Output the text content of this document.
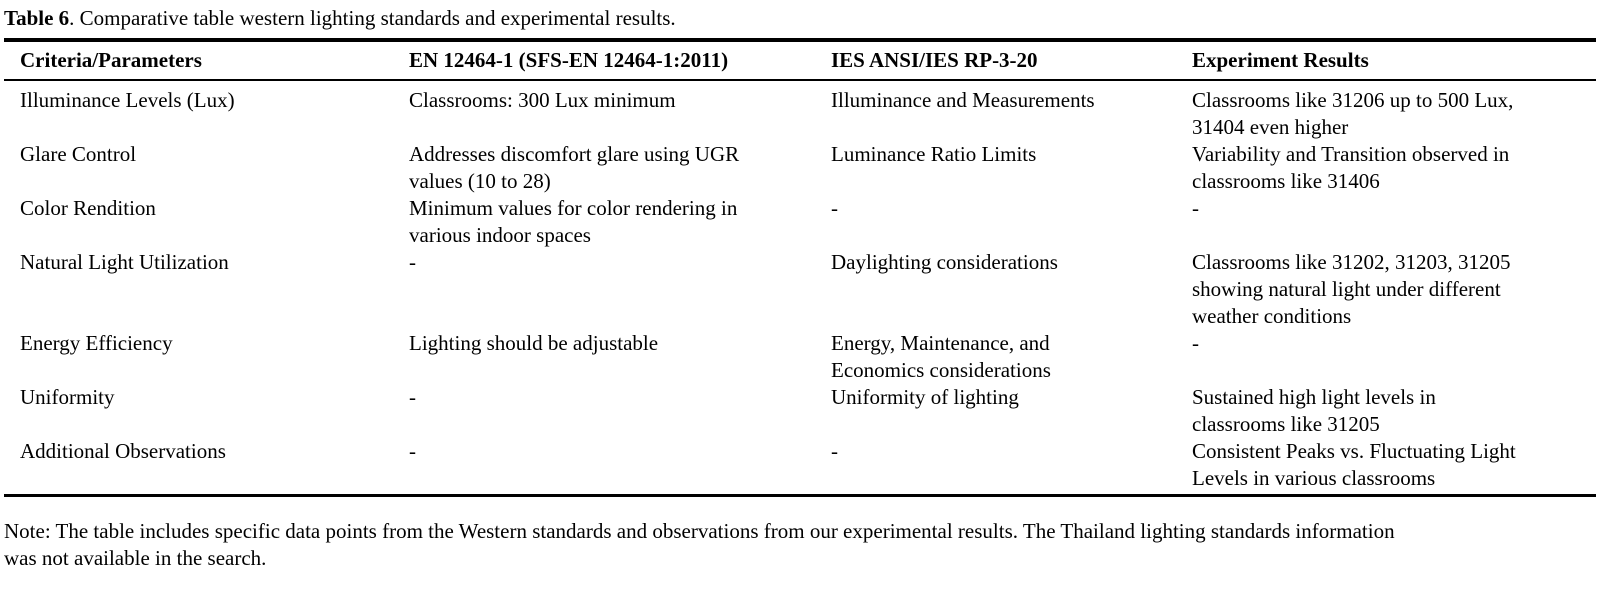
Table 6. Comparative table western lighting standards and experimental results.
Criteria/Parameters	EN 12464-1 (SFS-EN 12464-1:2011)	IES ANSI/IES RP-3-20	Experiment Results
Illuminance Levels (Lux)	Classrooms: 300 Lux minimum	Illuminance and Measurements	Classrooms like 31206 up to 500 Lux,
31404 even higher
Glare Control	Addresses discomfort glare using UGR
values (10 to 28)
Luminance Ratio Limits	Variability and Transition observed in
classrooms like 31406
Color Rendition	Minimum values for color rendering in
various indoor spaces
-	-
Natural Light Utilization	-	Daylighting considerations	Classrooms like 31202, 31203, 31205
showing natural light under different
weather conditions
Energy Efficiency	Lighting should be adjustable	Energy, Maintenance, and
Economics considerations
-
Uniformity	-	Uniformity of lighting	Sustained high light levels in
classrooms like 31205
Additional Observations	-	-	Consistent Peaks vs. Fluctuating Light
Levels in various classrooms
Note: The table includes specific data points from the Western standards and observations from our experimental results. The Thailand lighting standards information
was not available in the search.
